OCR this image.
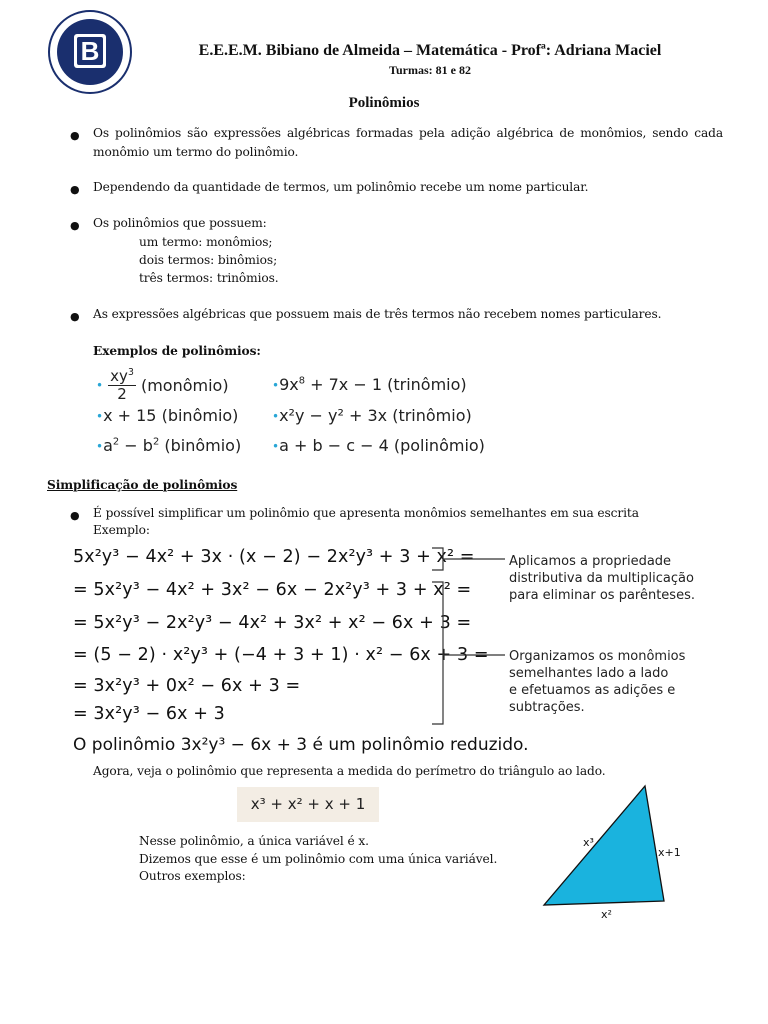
B	E.E.E.M. Bibiano de Almeida – Matemática - Profª: Adriana Maciel
Turmas: 81 e 82
Polinômios
● Os polinômios são expressões algébricas formadas pela adição algébrica de monômios, sendo cada monômio um termo do polinômio.
● Dependendo da quantidade de termos, um polinômio recebe um nome particular.
● Os polinômios que possuem:
um termo: monômios;
dois termos: binômios;
três termos: trinômios.
● As expressões algébricas que possuem mais de três termos não recebem nomes particulares.
Exemplos de polinômios:
• $\frac{xy^3}{2}$ (monômio)	$•9x^8 + 7x - 1$ (trinômio)
•x + 15 (binômio)	•x²y − y² + 3x (trinômio)
$•a^2 - b^2$ (binômio)	•a + b − c − 4 (polinômio)
Simplificação de polinômios
● É possível simplificar um polinômio que apresenta monômios semelhantes em sua escrita
Exemplo:
5x²y³ − 4x² + 3x · (x − 2) − 2x²y³ + 3 + x² =
= 5x²y³ − 4x² + 3x² − 6x − 2x²y³ + 3 + x² =
= 5x²y³ − 2x²y³ − 4x² + 3x² + x² − 6x + 3 =
= (5 − 2) · x²y³ + (−4 + 3 + 1) · x² − 6x + 3 =
= 3x²y³ + 0x² − 6x + 3 =
= 3x²y³ − 6x + 3
Aplicamos a propriedade
distributiva da multiplicação
para eliminar os parênteses.
Organizamos os monômios
semelhantes lado a lado
e efetuamos as adições e
subtrações.
O polinômio 3x²y³ − 6x + 3 é um polinômio reduzido.
Agora, veja o polinômio que representa a medida do perímetro do triângulo ao lado.
x³ + x² + x + 1
Nesse polinômio, a única variável é x.
Dizemos que esse é um polinômio com uma única variável.
Outros exemplos:
x³
x+1
x²
